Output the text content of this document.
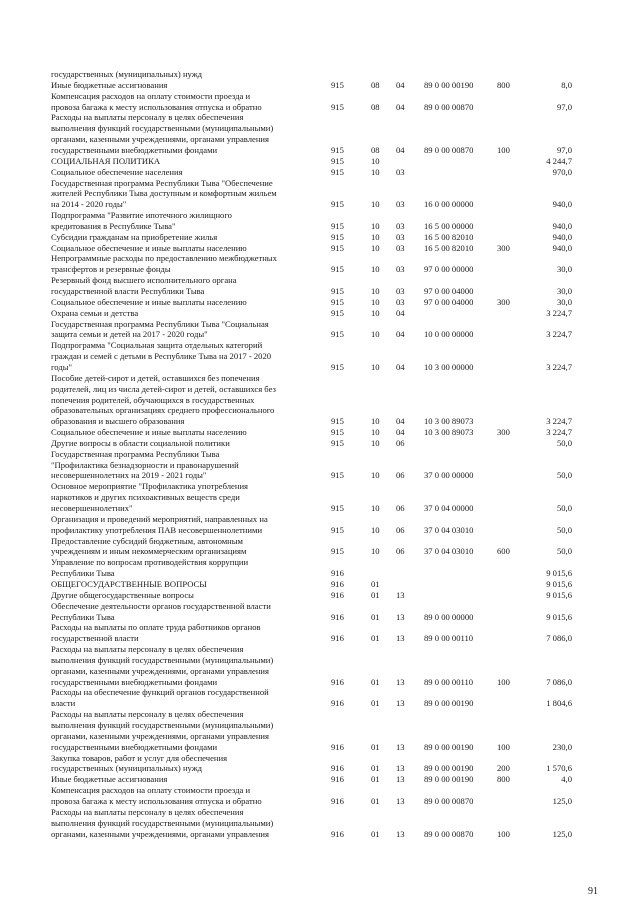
государственных (муниципальных) нужд
Иные бюджетные ассигнования	915	08 04 89 0 00 00190	800	8,0
Компенсация расходов на оплату стоимости проезда и
провоза багажа к месту использования отпуска и обратно	915	08 04 89 0 00 00870	97,0
Расходы на выплаты персоналу в целях обеспечения
выполнения функций государственными (муниципальными)
органами, казенными учреждениями, органами управления
государственными внебюджетными фондами	915	08 04 89 0 00 00870	100	97,0
СОЦИАЛЬНАЯ ПОЛИТИКА	915	10	4 244,7
Социальное обеспечение населения	915	10 03	970,0
Государственная программа Республики Тыва "Обеспечение
жителей Республики Тыва доступным и комфортным жильем
на 2014 - 2020 годы"	915	10 03 16 0 00 00000	940,0
Подпрограмма "Развитие ипотечного жилищного
кредитования в Республике Тыва"	915	10 03 16 5 00 00000	940,0
Субсидии гражданам на приобретение жилья	915	10 03 16 5 00 82010	940,0
Социальное обеспечение и иные выплаты населению	915	10 03 16 5 00 82010	300	940,0
Непрограммные расходы по предоставлению межбюджетных
трансфертов и резервные фонды	915	10 03 97 0 00 00000	30,0
Резервный фонд высшего исполнительного органа
государственной власти Республики Тыва	915	10 03 97 0 00 04000	30,0
Социальное обеспечение и иные выплаты населению	915	10 03 97 0 00 04000	300	30,0
Охрана семьи и детства	915	10 04	3 224,7
Государственная программа Республики Тыва "Социальная
защита семьи и детей на 2017 - 2020 годы"	915	10 04 10 0 00 00000	3 224,7
Подпрограмма "Социальная защита отдельных категорий
граждан и семей с детьми в Республике Тыва на 2017 - 2020
годы"	915	10 04 10 3 00 00000	3 224,7
Пособие детей-сирот и детей, оставшихся без попечения
родителей, лиц из числа детей-сирот и детей, оставшихся без
попечения родителей, обучающихся в государственных
образовательных организациях среднего профессионального
образования и высшего образования	915	10 04 10 3 00 89073	3 224,7
Социальное обеспечение и иные выплаты населению	915	10 04 10 3 00 89073	300	3 224,7
Другие вопросы в области социальной политики	915	10 06	50,0
Государственная программа Республики Тыва
"Профилактика безнадзорности и правонарушений
несовершеннолетних на 2019 - 2021 годы"	915	10 06 37 0 00 00000	50,0
Основное мероприятие "Профилактика употребления
наркотиков и других психоактивных веществ среди
несовершеннолетних"	915	10 06 37 0 04 00000	50,0
Организация и проведений мероприятий, направленных на
профилактику употребления ПАВ несовершеннолетними	915	10 06 37 0 04 03010	50,0
Предоставление субсидий бюджетным, автономным
учреждениям и иным некоммерческим организациям	915	10 06 37 0 04 03010	600	50,0
Управление по вопросам противодействия коррупции
Республики Тыва	916	9 015,6
ОБЩЕГОСУДАРСТВЕННЫЕ ВОПРОСЫ	916	01	9 015,6
Другие общегосударственные вопросы	916	01 13	9 015,6
Обеспечение деятельности органов государственной власти
Республики Тыва	916	01 13 89 0 00 00000	9 015,6
Расходы на выплаты по оплате труда работников органов
государственной власти	916	01 13 89 0 00 00110	7 086,0
Расходы на выплаты персоналу в целях обеспечения
выполнения функций государственными (муниципальными)
органами, казенными учреждениями, органами управления
государственными внебюджетными фондами	916	01 13 89 0 00 00110	100	7 086,0
Расходы на обеспечение функций органов государственной
власти	916	01 13 89 0 00 00190	1 804,6
Расходы на выплаты персоналу в целях обеспечения
выполнения функций государственными (муниципальными)
органами, казенными учреждениями, органами управления
государственными внебюджетными фондами	916	01 13 89 0 00 00190	100	230,0
Закупка товаров, работ и услуг для обеспечения
государственных (муниципальных) нужд	916	01 13 89 0 00 00190	200	1 570,6
Иные бюджетные ассигнования	916	01 13 89 0 00 00190	800	4,0
Компенсация расходов на оплату стоимости проезда и
провоза багажа к месту использования отпуска и обратно	916	01 13 89 0 00 00870	125,0
Расходы на выплаты персоналу в целях обеспечения
выполнения функций государственными (муниципальными)
органами, казенными учреждениями, органами управления	916	01 13 89 0 00 00870	100	125,0
91
